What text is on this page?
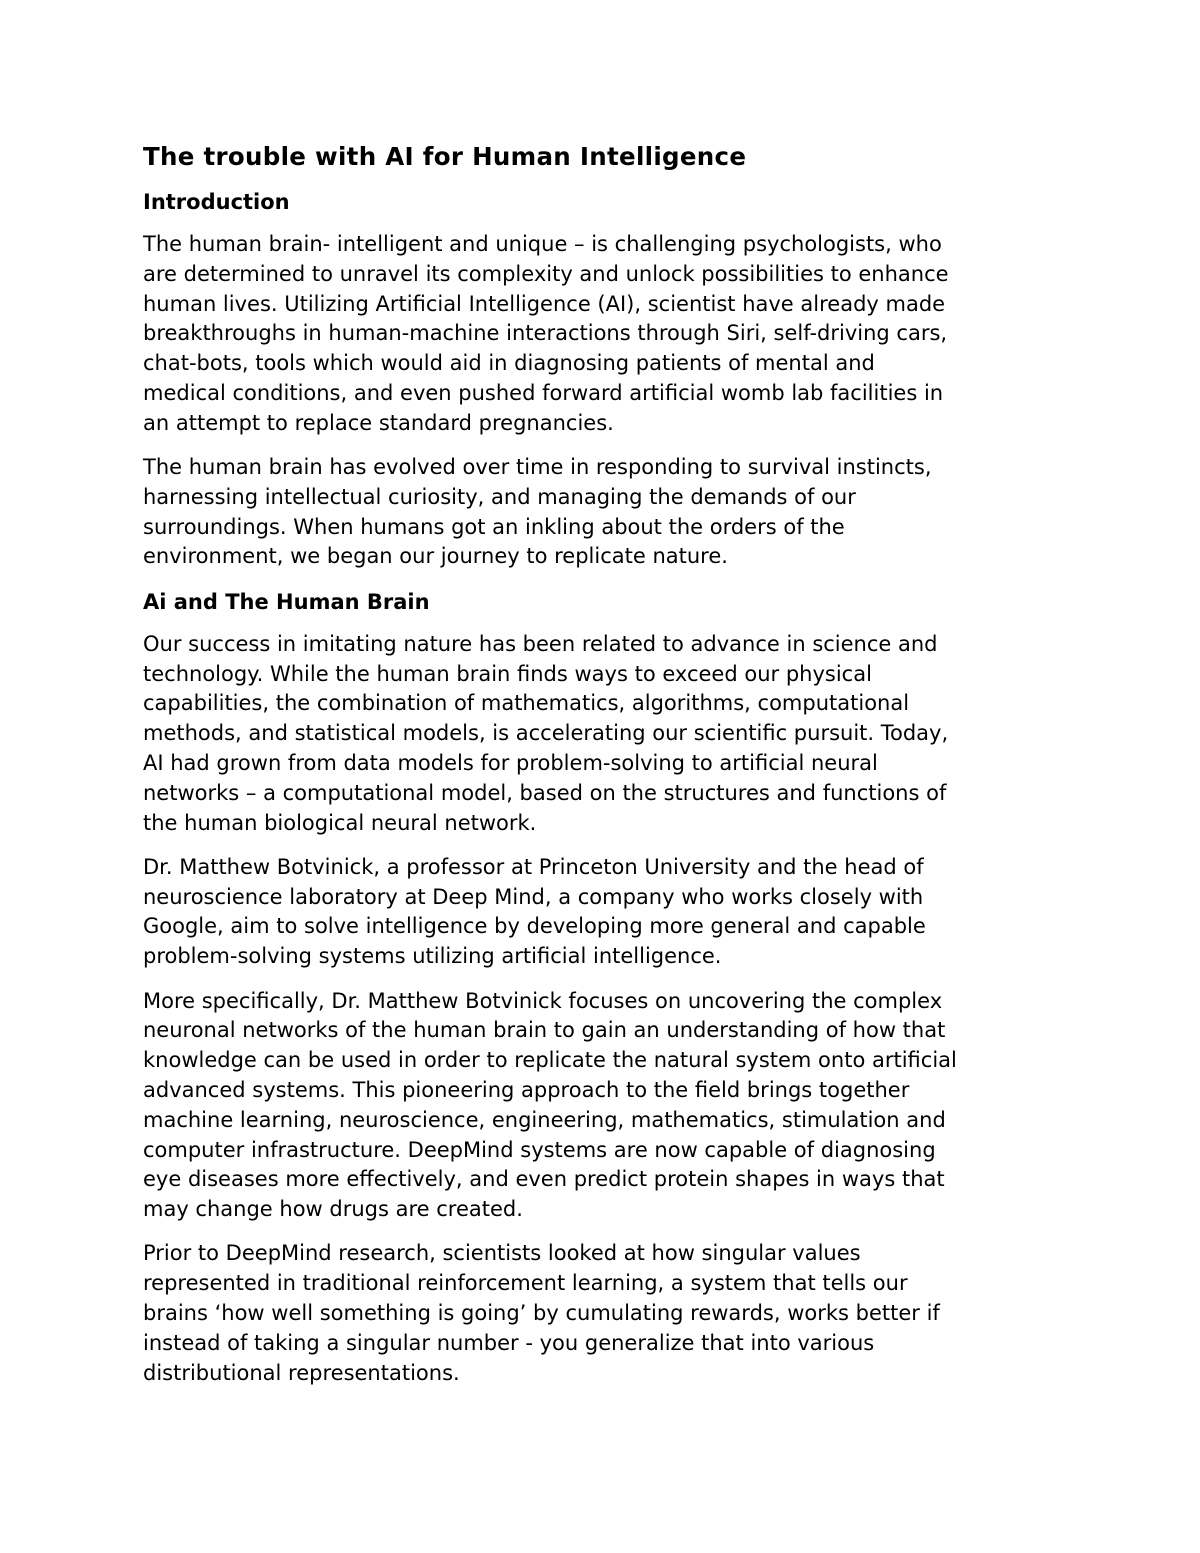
The trouble with AI for Human Intelligence
Introduction
The human brain- intelligent and unique – is challenging psychologists, who
are determined to unravel its complexity and unlock possibilities to enhance
human lives. Utilizing Artificial Intelligence (AI), scientist have already made
breakthroughs in human-machine interactions through Siri, self-driving cars,
chat-bots, tools which would aid in diagnosing patients of mental and
medical conditions, and even pushed forward artificial womb lab facilities in
an attempt to replace standard pregnancies.
The human brain has evolved over time in responding to survival instincts,
harnessing intellectual curiosity, and managing the demands of our
surroundings. When humans got an inkling about the orders of the
environment, we began our journey to replicate nature.
Ai and The Human Brain
Our success in imitating nature has been related to advance in science and
technology. While the human brain finds ways to exceed our physical
capabilities, the combination of mathematics, algorithms, computational
methods, and statistical models, is accelerating our scientific pursuit. Today,
AI had grown from data models for problem-solving to artificial neural
networks – a computational model, based on the structures and functions of
the human biological neural network.
Dr. Matthew Botvinick, a professor at Princeton University and the head of
neuroscience laboratory at Deep Mind, a company who works closely with
Google, aim to solve intelligence by developing more general and capable
problem-solving systems utilizing artificial intelligence.
More specifically, Dr. Matthew Botvinick focuses on uncovering the complex
neuronal networks of the human brain to gain an understanding of how that
knowledge can be used in order to replicate the natural system onto artificial
advanced systems. This pioneering approach to the field brings together
machine learning, neuroscience, engineering, mathematics, stimulation and
computer infrastructure. DeepMind systems are now capable of diagnosing
eye diseases more effectively, and even predict protein shapes in ways that
may change how drugs are created.
Prior to DeepMind research, scientists looked at how singular values
represented in traditional reinforcement learning, a system that tells our
brains ‘how well something is going’ by cumulating rewards, works better if
instead of taking a singular number - you generalize that into various
distributional representations.
